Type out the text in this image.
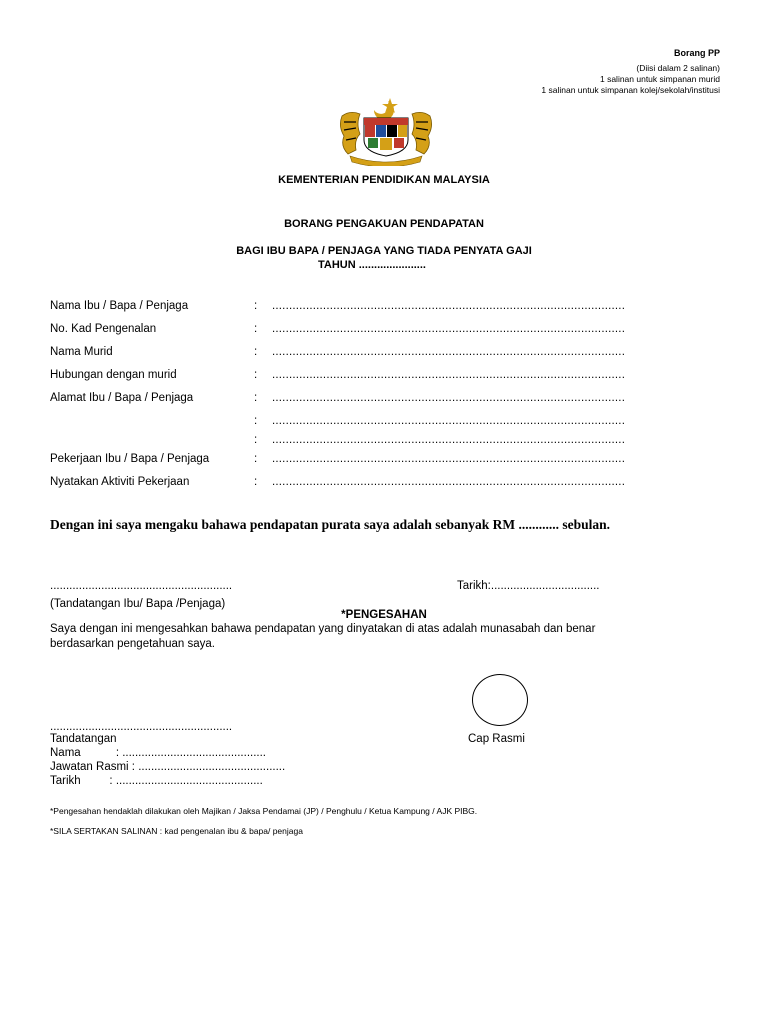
Borang PP
(Diisi dalam 2 salinan)
1 salinan untuk simpanan murid
1 salinan untuk simpanan kolej/sekolah/institusi
KEMENTERIAN PENDIDIKAN MALAYSIA
BORANG PENGAKUAN PENDAPATAN
BAGI IBU BAPA / PENJAGA YANG TIADA PENYATA GAJI
TAHUN ......................
Nama Ibu / Bapa / Penjaga	: ........................................................................................................
No. Kad Pengenalan	: ........................................................................................................
Nama Murid	: ........................................................................................................
Hubungan dengan murid	: ........................................................................................................
Alamat Ibu / Bapa / Penjaga	: ........................................................................................................
: ........................................................................................................
: ........................................................................................................
Pekerjaan Ibu / Bapa / Penjaga	: ........................................................................................................
Nyatakan Aktiviti Pekerjaan	: ........................................................................................................
Dengan ini saya mengaku bahawa pendapatan purata saya adalah sebanyak RM ............ sebulan.
.........................................................	Tarikh:..................................
(Tandatangan Ibu/ Bapa /Penjaga)
*PENGESAHAN
Saya dengan ini mengesahkan bahawa pendapatan yang dinyatakan di atas adalah munasabah dan benar
berdasarkan pengetahuan saya.
Cap Rasmi
.........................................................
Tandatangan
Nama           : .............................................
Jawatan Rasmi : ..............................................
Tarikh         : ..............................................
*Pengesahan hendaklah dilakukan oleh Majikan / Jaksa Pendamai (JP) / Penghulu / Ketua Kampung / AJK PIBG.
*SILA SERTAKAN SALINAN : kad pengenalan ibu & bapa/ penjaga
